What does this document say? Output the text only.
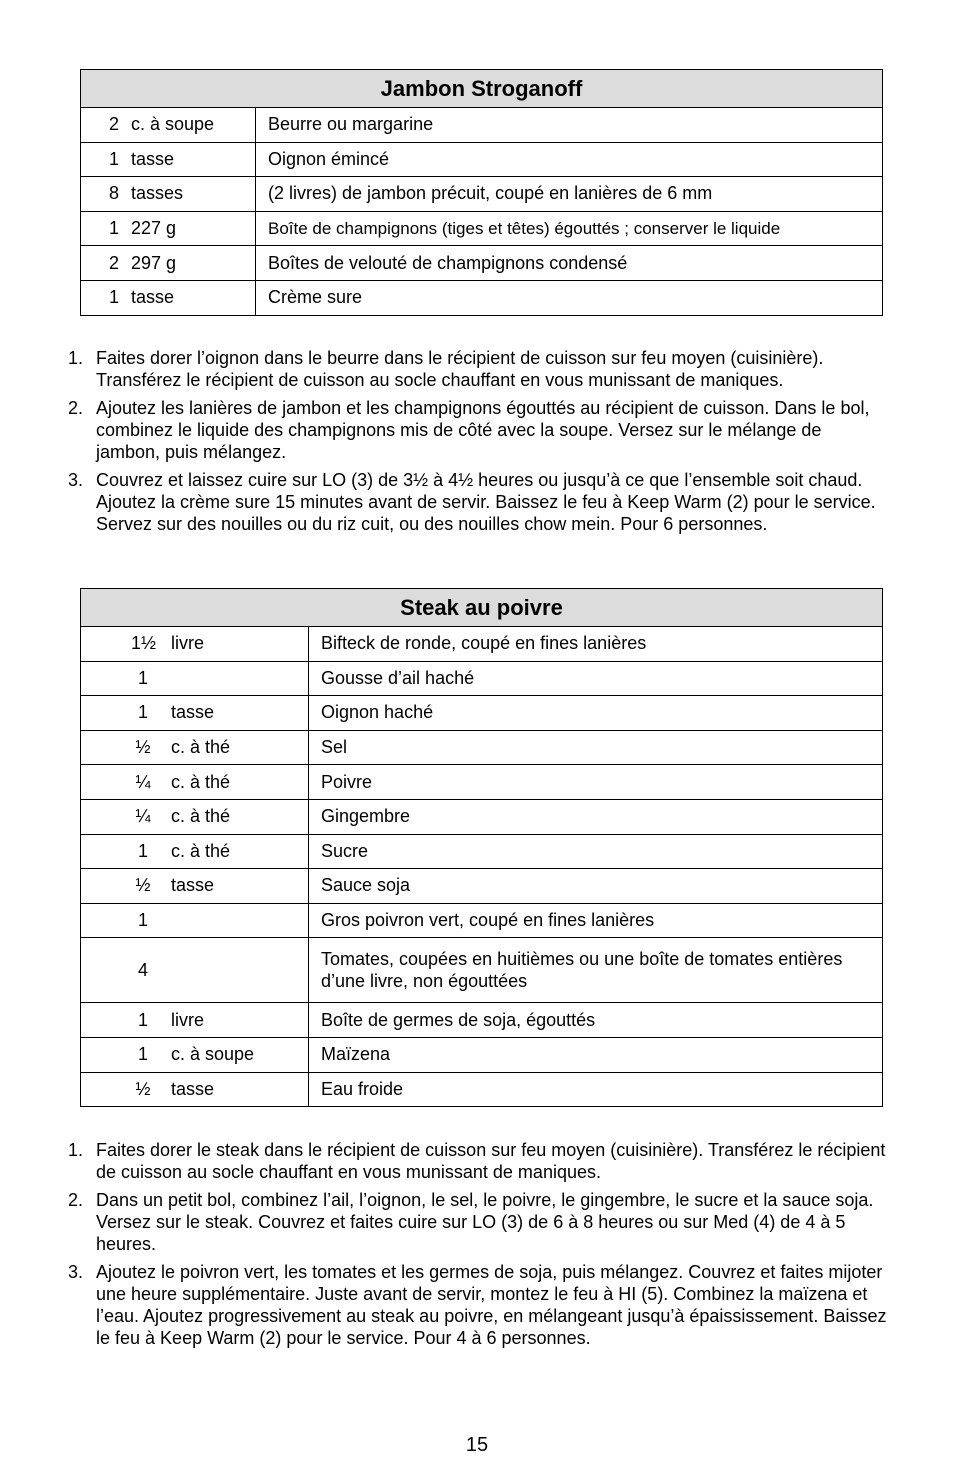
Jambon Stroganoff	
2 c. à soupe	Beurre ou margarine
1 tasse	Oignon émincé
8 tasses	(2 livres) de jambon précuit, coupé en lanières de 6 mm
1 227 g	Boîte de champignons (tiges et têtes) égouttés ; conserver le liquide
2 297 g	Boîtes de velouté de champignons condensé
1 tasse	Crème sure
1. Faites dorer l’oignon dans le beurre dans le récipient de cuisson sur feu moyen (cuisinière). Transférez le récipient de cuisson au socle chauffant en vous munissant de maniques.
2. Ajoutez les lanières de jambon et les champignons égouttés au récipient de cuisson. Dans le bol, combinez le liquide des champignons mis de côté avec la soupe. Versez sur le mélange de jambon, puis mélangez.
3. Couvrez et laissez cuire sur LO (3) de 3½ à 4½ heures ou jusqu’à ce que l’ensemble soit chaud. Ajoutez la crème sure 15 minutes avant de servir. Baissez le feu à Keep Warm (2) pour le service. Servez sur des nouilles ou du riz cuit, ou des nouilles chow mein. Pour 6 personnes.
Steak au poivre	
1½ livre	Bifteck de ronde, coupé en fines lanières
1	Gousse d’ail haché
1 tasse	Oignon haché
½ c. à thé	Sel
¼ c. à thé	Poivre
¼ c. à thé	Gingembre
1 c. à thé	Sucre
½ tasse	Sauce soja
1	Gros poivron vert, coupé en fines lanières
4	Tomates, coupées en huitièmes ou une boîte de tomates entières d’une livre, non égouttées
1 livre	Boîte de germes de soja, égouttés
1 c. à soupe	Maïzena
½ tasse	Eau froide
1. Faites dorer le steak dans le récipient de cuisson sur feu moyen (cuisinière). Transférez le récipient de cuisson au socle chauffant en vous munissant de maniques.
2. Dans un petit bol, combinez l’ail, l’oignon, le sel, le poivre, le gingembre, le sucre et la sauce soja. Versez sur le steak. Couvrez et faites cuire sur LO (3) de 6 à 8 heures ou sur Med (4) de 4 à 5 heures.
3. Ajoutez le poivron vert, les tomates et les germes de soja, puis mélangez. Couvrez et faites mijoter une heure supplémentaire. Juste avant de servir, montez le feu à HI (5). Combinez la maïzena et l’eau. Ajoutez progressivement au steak au poivre, en mélangeant jusqu’à épaississement. Baissez le feu à Keep Warm (2) pour le service. Pour 4 à 6 personnes.
15
